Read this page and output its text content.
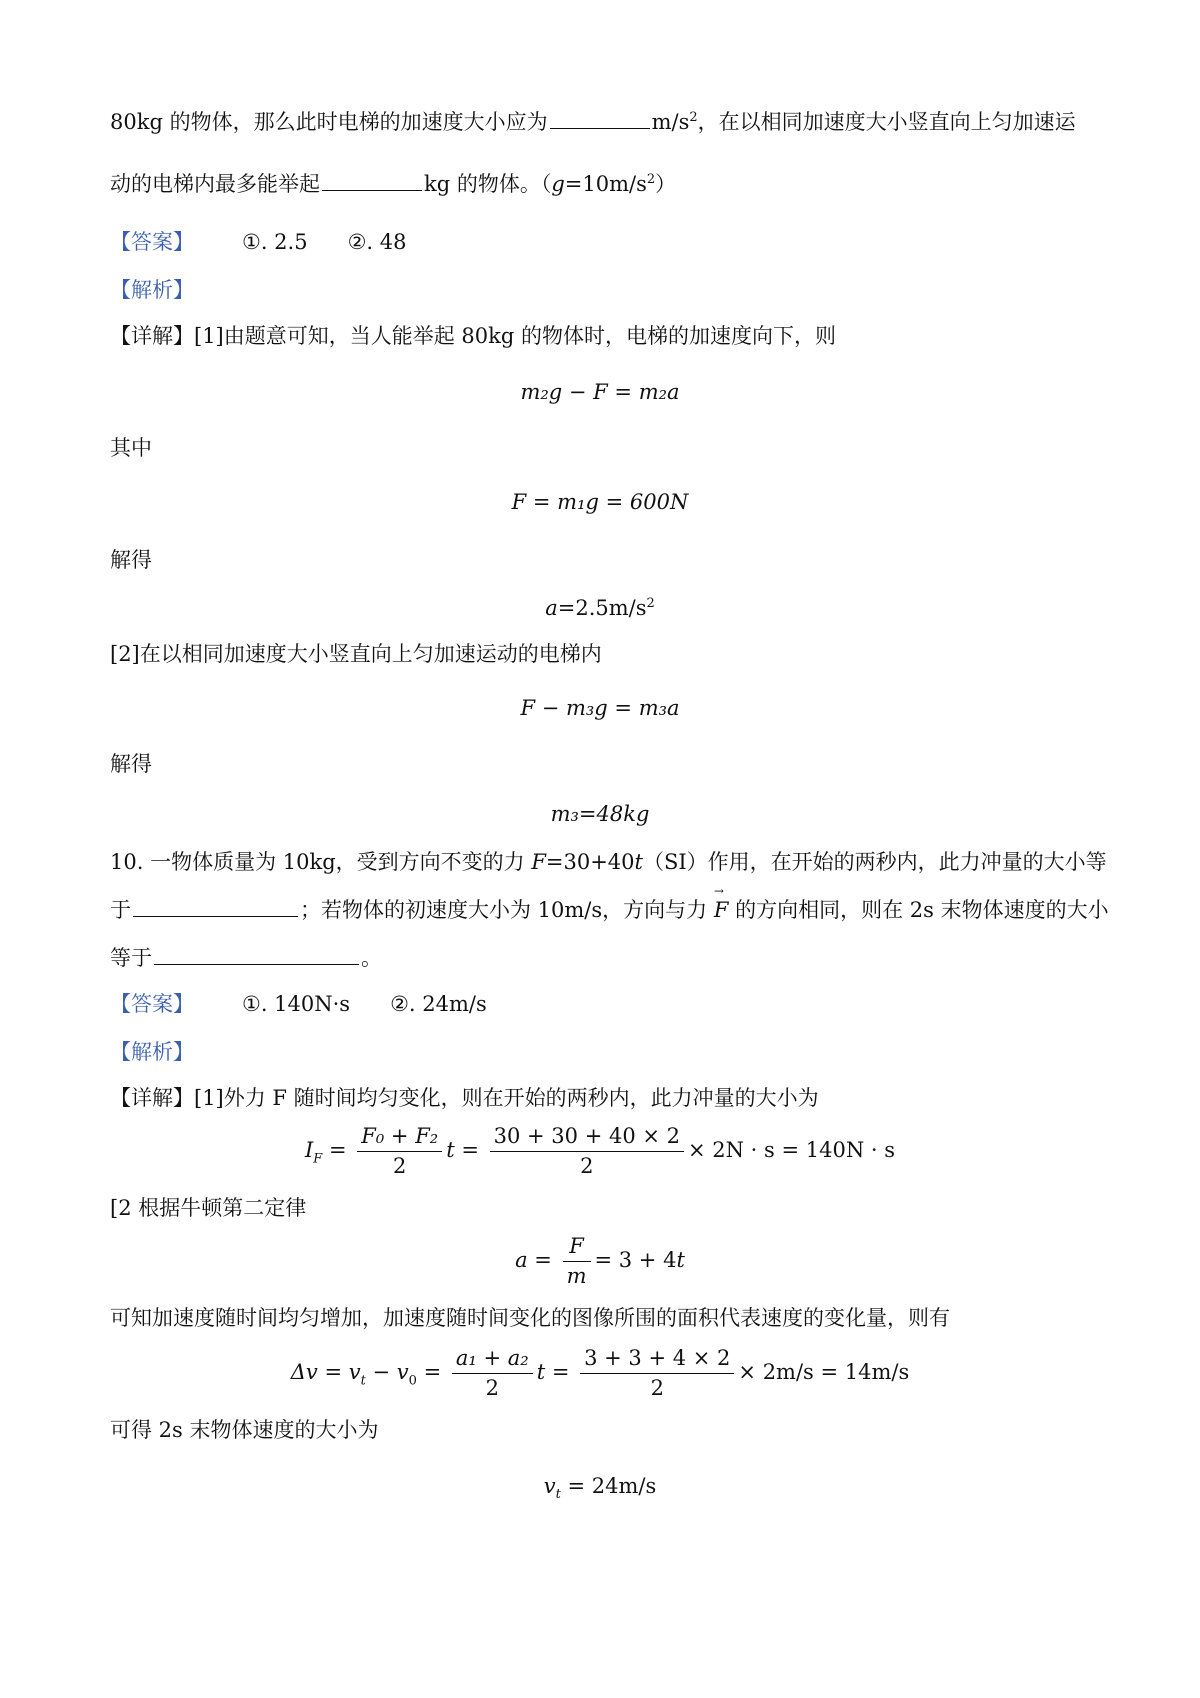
80kg 的物体，那么此时电梯的加速度大小应为	$m/s^2$，在以相同加速度大小竖直向上匀加速运
动的电梯内最多能举起	kg 的物体。$(g=10m/s^2)$
【答案】 ①. 2.5 ②. 48
【解析】
【详解】[1]由题意可知，当人能举起 80kg 的物体时，电梯的加速度向下，则
m₂g − F = m₂a
其中
F = m₁g = 600N
解得
$a=2.5m/s^2$
[2]在以相同加速度大小竖直向上匀加速运动的电梯内
F − m₃g = m₃a
解得
m₃=48kg
10. 一物体质量为 10kg，受到方向不变的力 F=30+40t（SI）作用，在开始的两秒内，此力冲量的大小等
于	；若物体的初速度大小为 10m/s，方向与力 → F 的方向相同，则在 2s 末物体速度的大小
等于	。
【答案】 ①. 140N·s ②. 24m/s
【解析】
【详解】[1]外力 F 随时间均匀变化，则在开始的两秒内，此力冲量的大小为
$I_F = \frac{\text{F₀ + F₂}}{2}$ $t = \frac{30 + 30 + 40 \times 2}{2} \times 2N \cdot s = 140N \cdot s$
[2 根据牛顿第二定律
$a = \frac{F}{m} = 3 + 4t$
可知加速度随时间均匀增加，加速度随时间变化的图像所围的面积代表速度的变化量，则有
$\Delta v = v_t - v_0 = \frac{\text{a₁ + a₂}}{2}$ $t = \frac{3 + 3 + 4 \times 2}{2} \times 2m/s = 14m/s$
可得 2s 末物体速度的大小为
$v_t = 24m/s$
